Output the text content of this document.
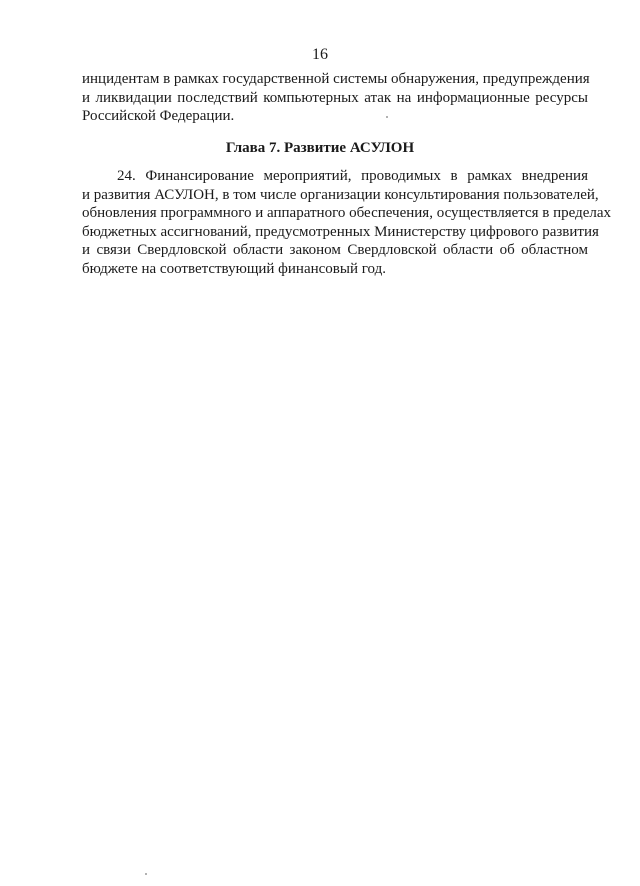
16
инцидентам в рамках государственной системы обнаружения, предупреждения
и ликвидации последствий компьютерных атак на информационные ресурсы
Российской Федерации.
Глава 7. Развитие АСУЛОН
24. Финансирование мероприятий, проводимых в рамках внедрения
и развития АСУЛОН, в том числе организации консультирования пользователей,
обновления программного и аппаратного обеспечения, осуществляется в пределах
бюджетных ассигнований, предусмотренных Министерству цифрового развития
и связи Свердловской области законом Свердловской области об областном
бюджете на соответствующий финансовый год.
